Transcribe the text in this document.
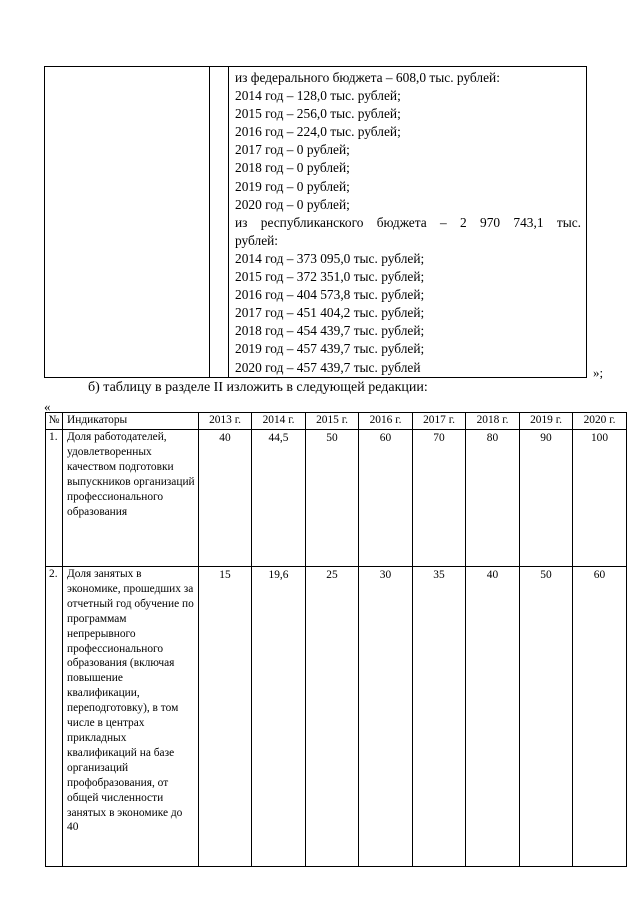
из федерального бюджета – 608,0 тыс. рублей:
2014 год – 128,0 тыс. рублей;
2015 год – 256,0 тыс. рублей;
2016 год – 224,0 тыс. рублей;
2017 год – 0 рублей;
2018 год – 0 рублей;
2019 год – 0 рублей;
2020 год – 0 рублей;
из республиканского бюджета – 2 970 743,1 тыс.
рублей:
2014 год – 373 095,0 тыс. рублей;
2015 год – 372 351,0 тыс. рублей;
2016 год – 404 573,8 тыс. рублей;
2017 год – 451 404,2 тыс. рублей;
2018 год – 454 439,7 тыс. рублей;
2019 год – 457 439,7 тыс. рублей;
2020 год – 457 439,7 тыс. рублей	»;
б) таблицу в разделе II изложить в следующей редакции:
«
№	Индикаторы	2013 г.	2014 г.	2015 г.	2016 г.	2017 г.	2018 г.	2019 г.	2020 г.
1.	Доля работодателей, удовлетворенных качеством подготовки выпускников организаций профессионального образования	40	44,5	50	60	70	80	90	100
2.	Доля занятых в экономике, прошедших за отчетный год обучение по программам непрерывного профессионального образования (включая повышение квалификации, переподготовку), в том числе в центрах прикладных квалификаций на базе организаций профобразования, от общей численности занятых в экономике до 40	15	19,6	25	30	35	40	50	60
